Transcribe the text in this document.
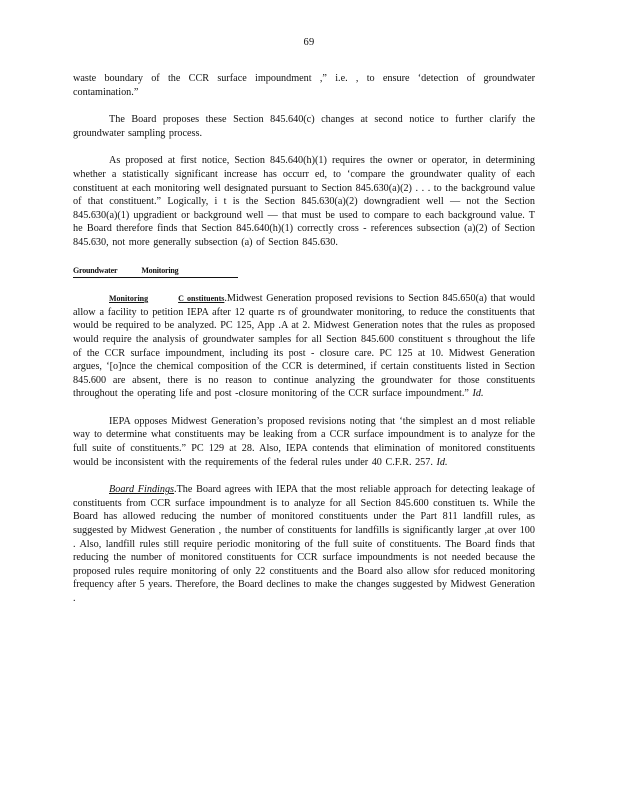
69

waste boundary of the CCR surface impoundment ,” i.e. , to ensure ‘detection of groundwater contamination.”

The Board proposes these Section 845.640(c) changes at second notice to further clarify the groundwater sampling process.

As proposed at first notice, Section 845.640(h)(1) requires the owner or operator, in determining whether a statistically significant increase has occurr ed, to ‘compare the groundwater quality of each constituent at each monitoring well designated pursuant to Section 845.630(a)(2) . . . to the background value of that constituent.” Logically, i t is the Section 845.630(a)(2) downgradient well — not the Section 845.630(a)(1) upgradient or background well — that must be used to compare to each background value. T he Board therefore finds that Section 845.640(h)(1) correctly cross - references subsection (a)(2) of Section 845.630, not more generally subsection (a) of Section 845.630.

Groundwater	Monitoring

Monitoring	C onstituents.Midwest Generation proposed revisions to Section 845.650(a) that would allow a facility to petition IEPA after 12 quarte rs of groundwater monitoring, to reduce the constituents that would be required to be analyzed. PC 125, App .A at 2. Midwest Generation notes that the rules as proposed would require the analysis of groundwater samples for all Section 845.600 constituent s throughout the life of the CCR surface impoundment, including its post - closure care. PC 125 at 10. Midwest Generation argues, ‘[o]nce the chemical composition of the CCR is determined, if certain constituents listed in Section 845.600 are absent, there is no reason to continue analyzing the groundwater for those constituents throughout the operating life and post -closure monitoring of the CCR surface impoundment.” Id.

IEPA opposes Midwest Generation’s proposed revisions noting that ‘the simplest an d most reliable way to determine what constituents may be leaking from a CCR surface impoundment is to analyze for the full suite of constituents.” PC 129 at 28. Also, IEPA contends that elimination of monitored constituents would be inconsistent with the requirements of the federal rules under 40 C.F.R. 257. Id.

Board Findings.The Board agrees with IEPA that the most reliable approach for detecting leakage of constituents from CCR surface impoundment is to analyze for all Section 845.600 constituen ts. While the Board has allowed reducing the number of monitored constituents under the Part 811 landfill rules, as suggested by Midwest Generation , the number of constituents for landfills is significantly larger ,at over 100 . Also, landfill rules still require periodic monitoring of the full suite of constituents. The Board finds that reducing the number of monitored constituents for CCR surface impoundments is not needed because the proposed rules require monitoring of only 22 constituents and the Board also allow sfor reduced monitoring frequency after 5 years. Therefore, the Board declines to make the changes suggested by Midwest Generation .
